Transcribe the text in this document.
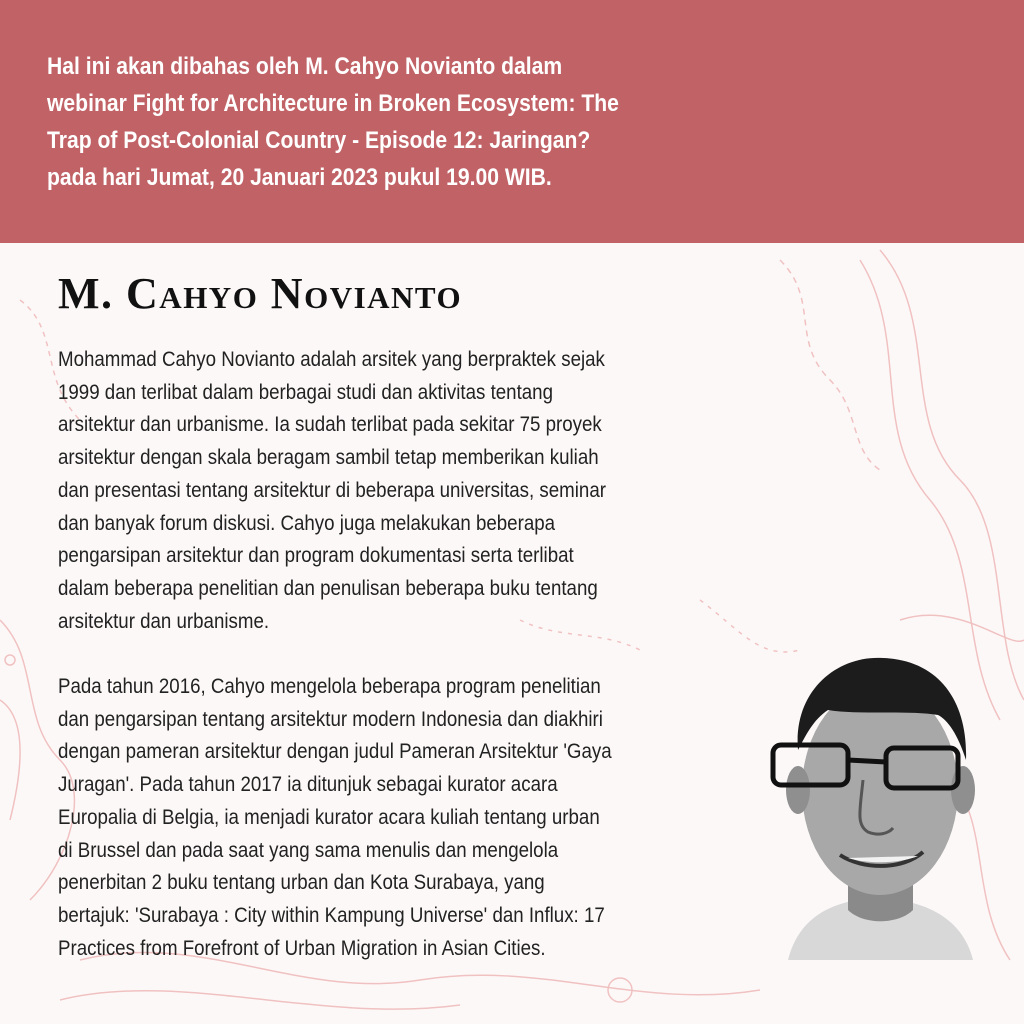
Hal ini akan dibahas oleh M. Cahyo Novianto dalam
webinar Fight for Architecture in Broken Ecosystem: The
Trap of Post-Colonial Country - Episode 12: Jaringan?
pada hari Jumat, 20 Januari 2023 pukul 19.00 WIB.
M. Cahyo Novianto

Mohammad Cahyo Novianto adalah arsitek yang berpraktek sejak
1999 dan terlibat dalam berbagai studi dan aktivitas tentang
arsitektur dan urbanisme. Ia sudah terlibat pada sekitar 75 proyek
arsitektur dengan skala beragam sambil tetap memberikan kuliah
dan presentasi tentang arsitektur di beberapa universitas, seminar
dan banyak forum diskusi. Cahyo juga melakukan beberapa
pengarsipan arsitektur dan program dokumentasi serta terlibat
dalam beberapa penelitian dan penulisan beberapa buku tentang
arsitektur dan urbanisme.

Pada tahun 2016, Cahyo mengelola beberapa program penelitian
dan pengarsipan tentang arsitektur modern Indonesia dan diakhiri
dengan pameran arsitektur dengan judul Pameran Arsitektur 'Gaya
Juragan'. Pada tahun 2017 ia ditunjuk sebagai kurator acara
Europalia di Belgia, ia menjadi kurator acara kuliah tentang urban
di Brussel dan pada saat yang sama menulis dan mengelola
penerbitan 2 buku tentang urban dan Kota Surabaya, yang
bertajuk: 'Surabaya : City within Kampung Universe' dan Influx: 17
Practices from Forefront of Urban Migration in Asian Cities.
